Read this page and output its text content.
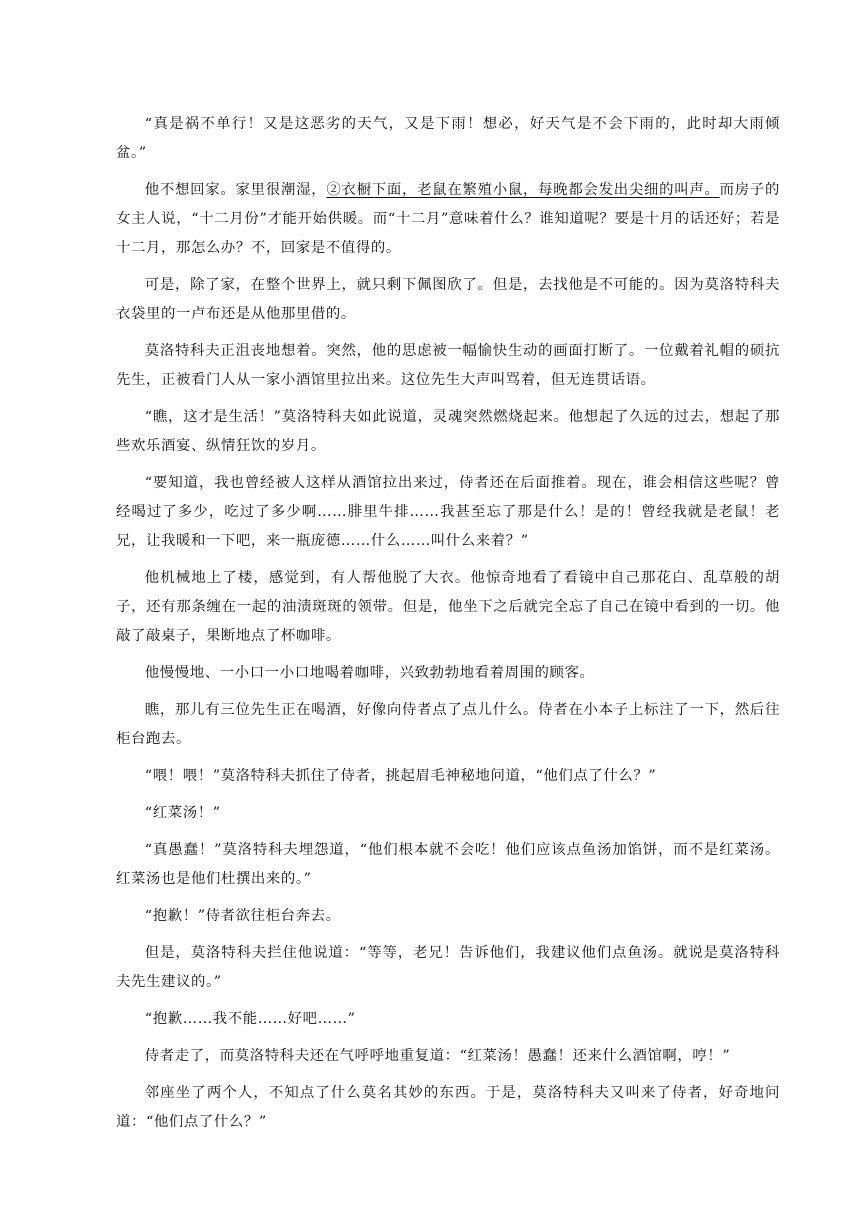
“真是祸不单行！又是这恶劣的天气，又是下雨！想必，好天气是不会下雨的，此时却大雨倾盆。”

他不想回家。家里很潮湿，②衣橱下面，老鼠在繁殖小鼠，每晚都会发出尖细的叫声。而房子的女主人说，“十二月份”才能开始供暖。而“十二月”意味着什么？谁知道呢？要是十月的话还好；若是十二月，那怎么办？不，回家是不值得的。

可是，除了家，在整个世界上，就只剩下佩图欣了。但是，去找他是不可能的。因为莫洛特科夫衣袋里的一卢布还是从他那里借的。

莫洛特科夫正沮丧地想着。突然，他的思虑被一幅愉快生动的画面打断了。一位戴着礼帽的硕抗先生，正被看门人从一家小酒馆里拉出来。这位先生大声叫骂着，但无连贯话语。

“瞧，这才是生活！”莫洛特科夫如此说道，灵魂突然燃烧起来。他想起了久远的过去，想起了那些欢乐酒宴、纵情狂饮的岁月。

“要知道，我也曾经被人这样从酒馆拉出来过，侍者还在后面推着。现在，谁会相信这些呢？曾经喝过了多少，吃过了多少啊……腓里牛排……我甚至忘了那是什么！是的！曾经我就是老鼠！老兄，让我暖和一下吧，来一瓶庞德……什么……叫什么来着？”

他机械地上了楼，感觉到，有人帮他脱了大衣。他惊奇地看了看镜中自己那花白、乱草般的胡子，还有那条缠在一起的油渍斑斑的领带。但是，他坐下之后就完全忘了自己在镜中看到的一切。他敲了敲桌子，果断地点了杯咖啡。

他慢慢地、一小口一小口地喝着咖啡，兴致勃勃地看着周围的顾客。

瞧，那儿有三位先生正在喝酒，好像向侍者点了点儿什么。侍者在小本子上标注了一下，然后往柜台跑去。

“喂！喂！”莫洛特科夫抓住了侍者，挑起眉毛神秘地问道，“他们点了什么？”

“红菜汤！”

“真愚蠢！”莫洛特科夫埋怨道，“他们根本就不会吃！他们应该点鱼汤加馅饼，而不是红菜汤。红菜汤也是他们杜撰出来的。”

“抱歉！”侍者欲往柜台奔去。

但是，莫洛特科夫拦住他说道：“等等，老兄！告诉他们，我建议他们点鱼汤。就说是莫洛特科夫先生建议的。”

“抱歉……我不能……好吧……”

侍者走了，而莫洛特科夫还在气呼呼地重复道：“红菜汤！愚蠢！还来什么酒馆啊，哼！”

邻座坐了两个人，不知点了什么莫名其妙的东西。于是，莫洛特科夫又叫来了侍者，好奇地问道：“他们点了什么？”
